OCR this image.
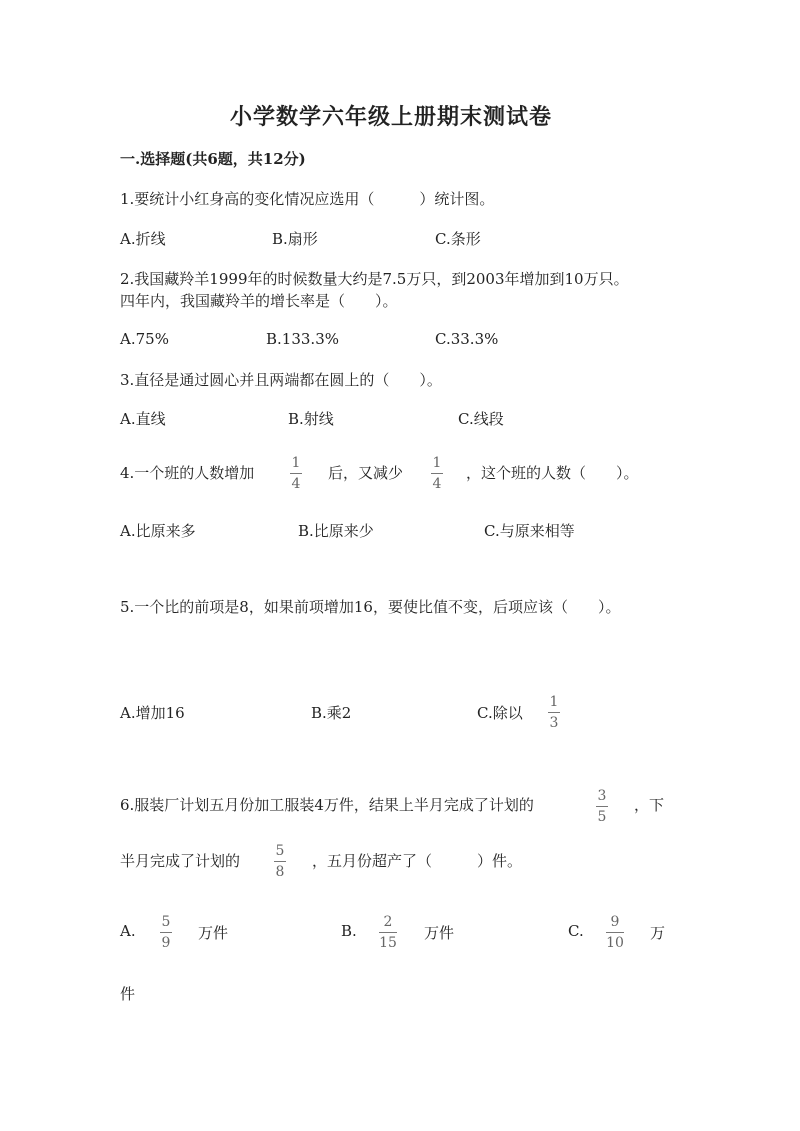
小学数学六年级上册期末测试卷
一.选择题(共6题，共12分)
1.要统计小红身高的变化情况应选用（　　　）统计图。
A.折线	B.扇形	C.条形
2.我国藏羚羊1999年的时候数量大约是7.5万只，到2003年增加到10万只。
四年内，我国藏羚羊的增长率是（　　）。
A.75%	B.133.3%	C.33.3%
3.直径是通过圆心并且两端都在圆上的（　　）。
A.直线	B.射线	C.线段
4.一个班的人数增加
1
4
后，又减少
1
4
，这个班的人数（　　）。
A.比原来多	B.比原来少	C.与原来相等
5.一个比的前项是8，如果前项增加16，要使比值不变，后项应该（　　）。
A.增加16	B.乘2	C.除以
1
3
6.服装厂计划五月份加工服装4万件，结果上半月完成了计划的	3
5
，下
半月完成了计划的
5
8
，五月份超产了（　　　）件。
A. 5
9
万件	B. 2
15
万件	C. 9
10
万
件
